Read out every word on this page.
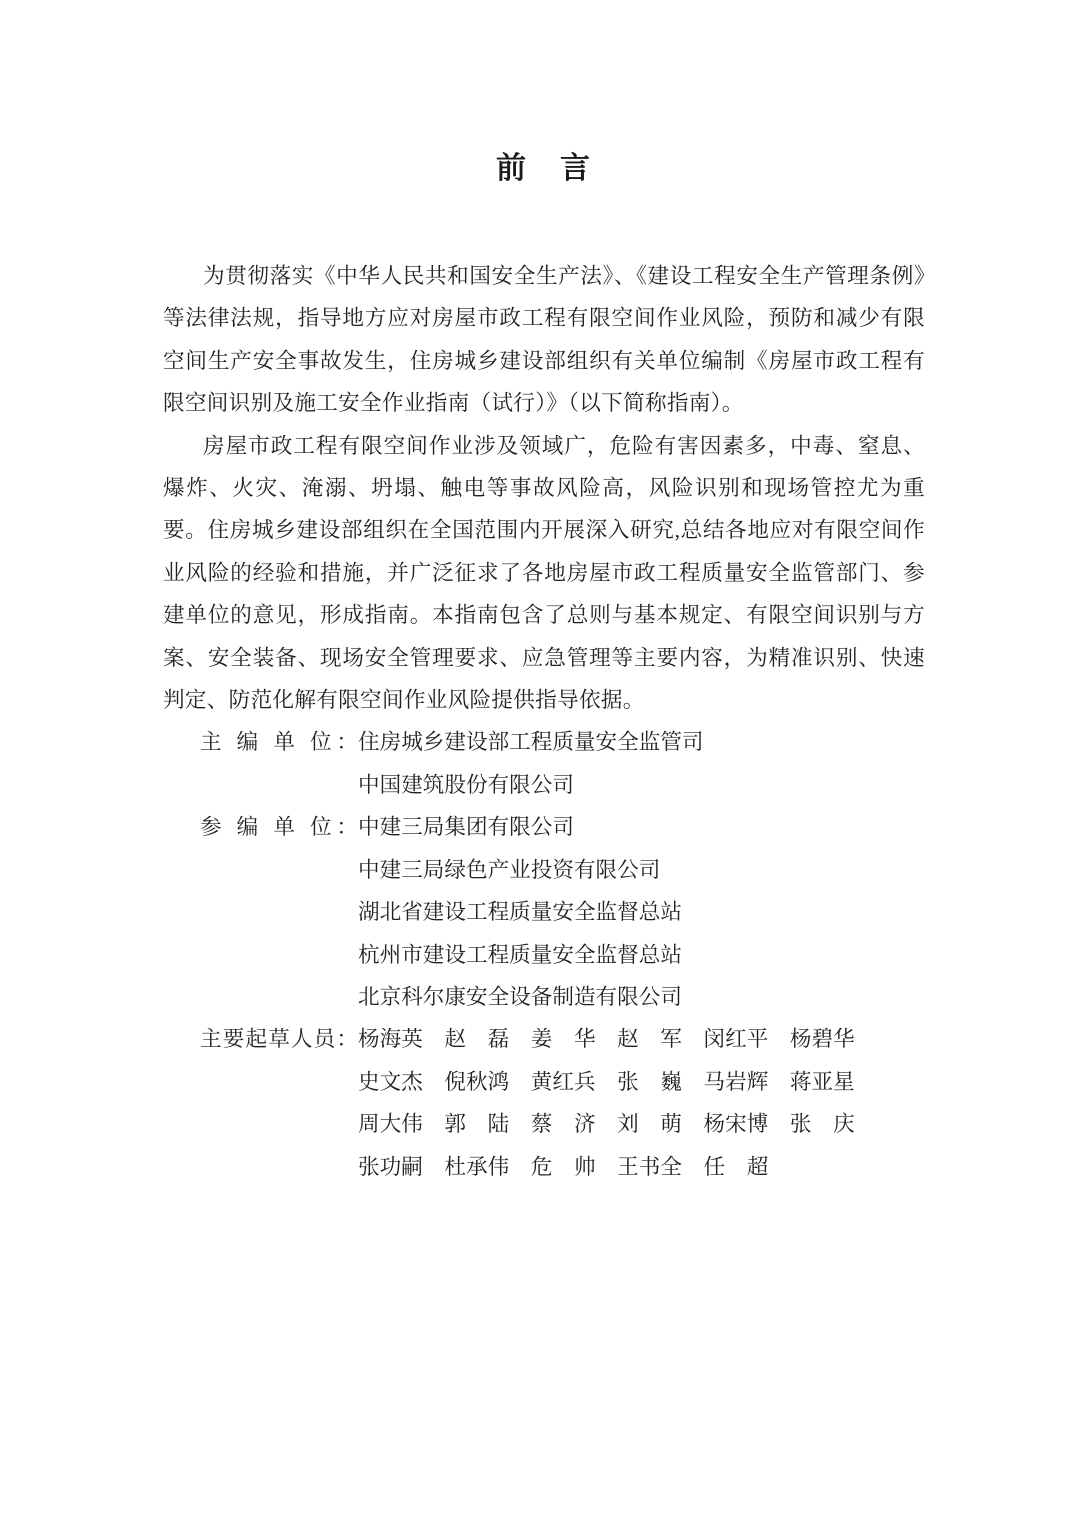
前　言

为贯彻落实《中华人民共和国安全生产法》、《建设工程安全生产管理条例》等法律法规，指导地方应对房屋市政工程有限空间作业风险，预防和减少有限空间生产安全事故发生，住房城乡建设部组织有关单位编制《房屋市政工程有限空间识别及施工安全作业指南（试行）》（以下简称指南）。

房屋市政工程有限空间作业涉及领域广，危险有害因素多，中毒、窒息、爆炸、火灾、淹溺、坍塌、触电等事故风险高，风险识别和现场管控尤为重要。住房城乡建设部组织在全国范围内开展深入研究,总结各地应对有限空间作业风险的经验和措施，并广泛征求了各地房屋市政工程质量安全监管部门、参建单位的意见，形成指南。本指南包含了总则与基本规定、有限空间识别与方案、安全装备、现场安全管理要求、应急管理等主要内容，为精准识别、快速判定、防范化解有限空间作业风险提供指导依据。

主 编 单 位： 住房城乡建设部工程质量安全监管司
中国建筑股份有限公司
参 编 单 位： 中建三局集团有限公司
中建三局绿色产业投资有限公司
湖北省建设工程质量安全监督总站
杭州市建设工程质量安全监督总站
北京科尔康安全设备制造有限公司
主要起草人员： 杨海英　赵　磊　姜　华　赵　军　闵红平　杨碧华
史文杰　倪秋鸿　黄红兵　张　巍　马岩辉　蒋亚星
周大伟　郭　陆　蔡　济　刘　萌　杨宋博　张　庆
张功嗣　杜承伟　危　帅　王书全　任　超
